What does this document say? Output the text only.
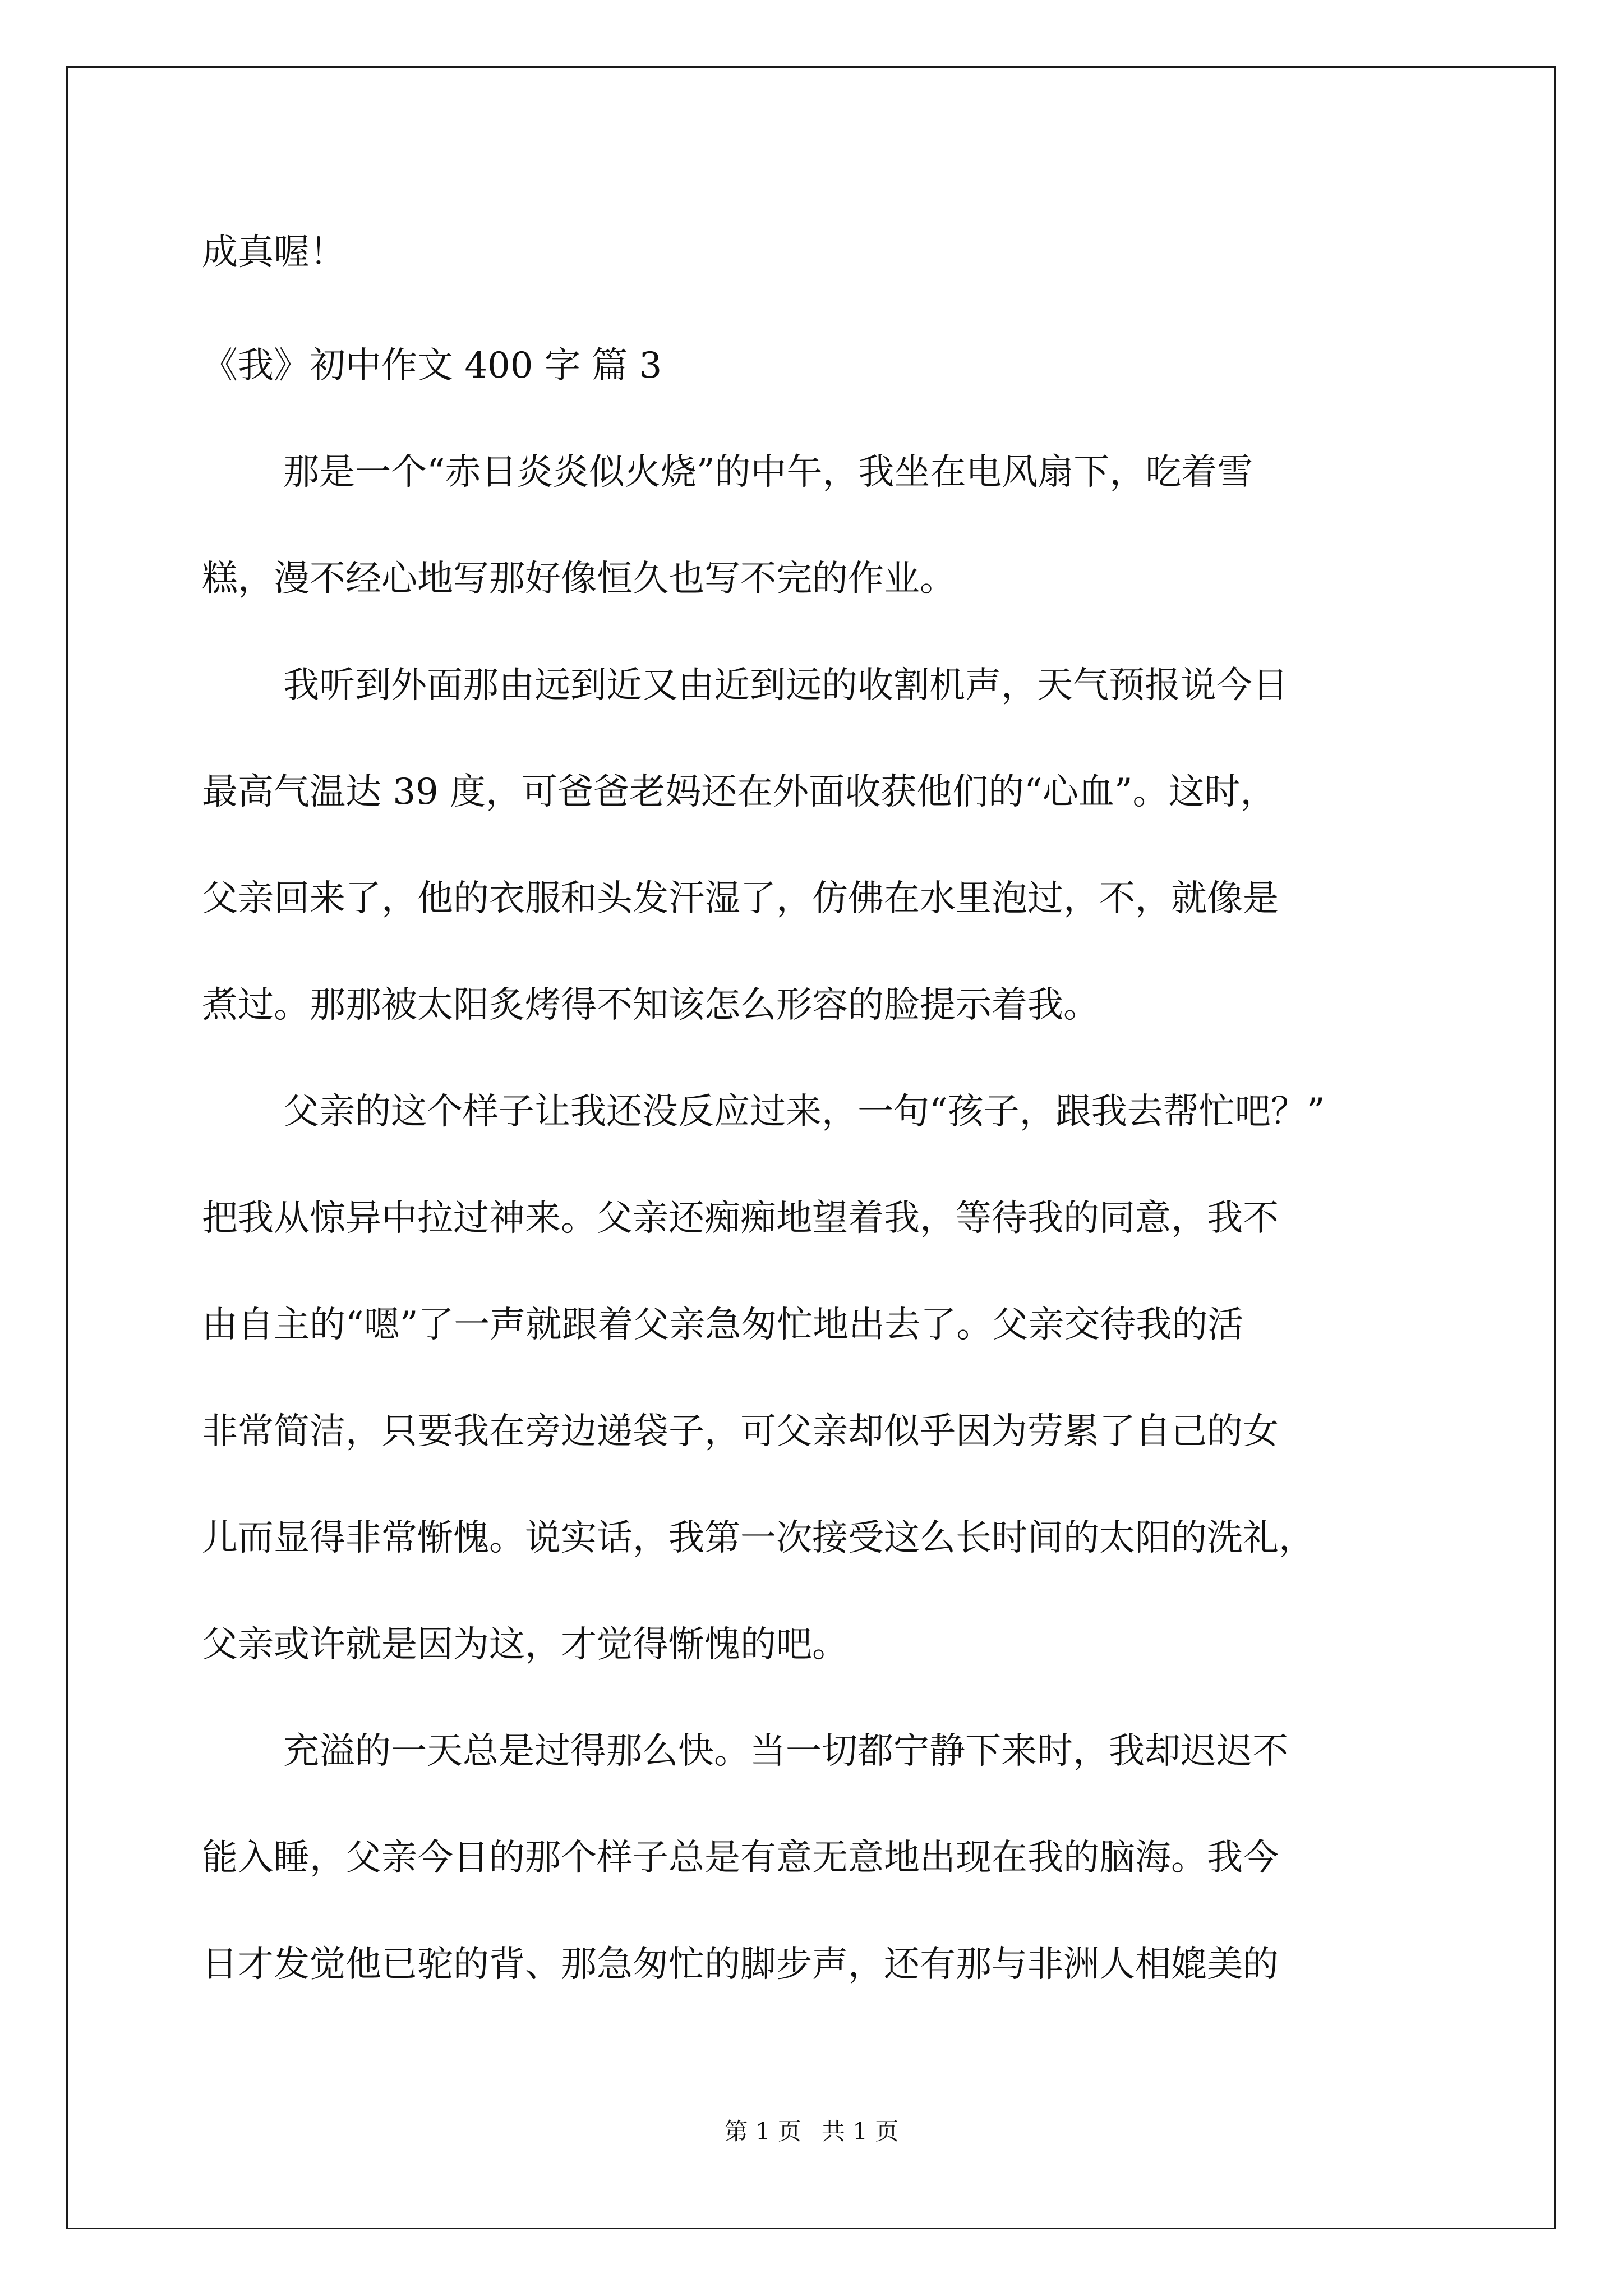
成真喔！
《我》初中作文 400 字 篇 3
那是一个“赤日炎炎似火烧”的中午，我坐在电风扇下，吃着雪
糕，漫不经心地写那好像恒久也写不完的作业。
我听到外面那由远到近又由近到远的收割机声，天气预报说今日
最高气温达 39 度，可爸爸老妈还在外面收获他们的“心血”。这时，
父亲回来了，他的衣服和头发汗湿了，仿佛在水里泡过，不，就像是
煮过。那那被太阳炙烤得不知该怎么形容的脸提示着我。
父亲的这个样子让我还没反应过来，一句“孩子，跟我去帮忙吧？”
把我从惊异中拉过神来。父亲还痴痴地望着我，等待我的同意，我不
由自主的“嗯”了一声就跟着父亲急匆忙地出去了。父亲交待我的活
非常简洁，只要我在旁边递袋子，可父亲却似乎因为劳累了自己的女
儿而显得非常惭愧。说实话，我第一次接受这么长时间的太阳的洗礼，
父亲或许就是因为这，才觉得惭愧的吧。
充溢的一天总是过得那么快。当一切都宁静下来时，我却迟迟不
能入睡，父亲今日的那个样子总是有意无意地出现在我的脑海。我今
日才发觉他已驼的背、那急匆忙的脚步声，还有那与非洲人相媲美的
第 1 页 共 1 页
